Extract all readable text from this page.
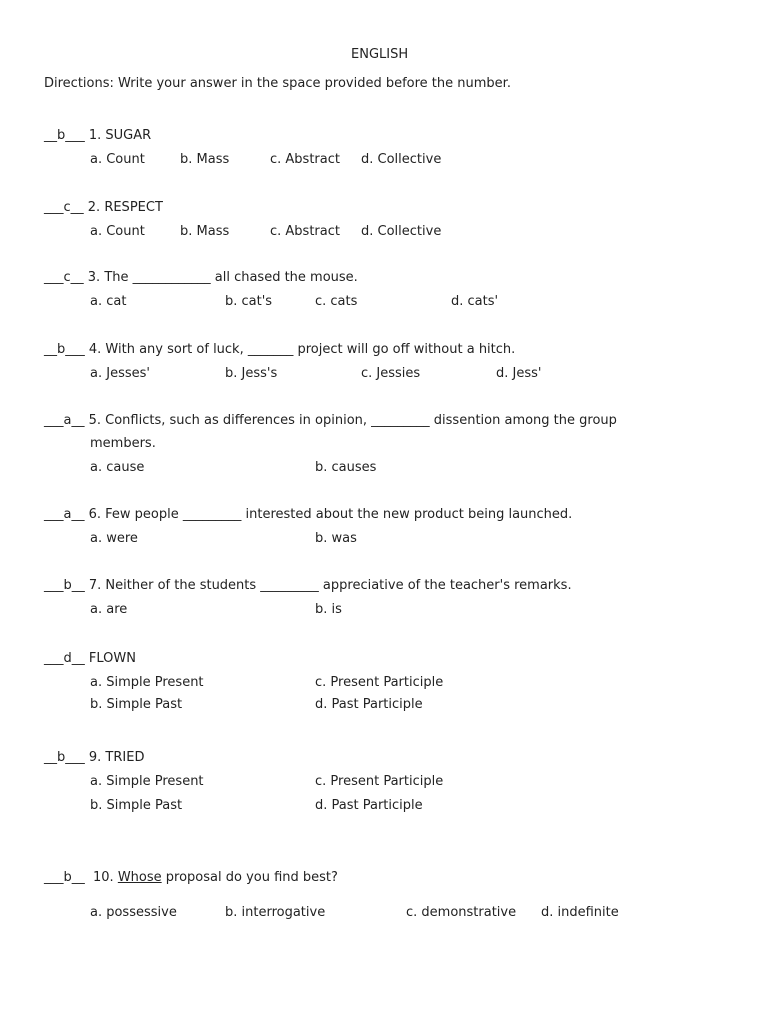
ENGLISH
Directions: Write your answer in the space provided before the number.
__b___ 1. SUGAR
a. Count	b. Mass	c. Abstract d. Collective
___c__ 2. RESPECT
a. Count	b. Mass	c. Abstract d. Collective
___c__ 3. The ____________ all chased the mouse.
a. cat	b. cat's	c. cats	d. cats'
__b___ 4. With any sort of luck, _______ project will go off without a hitch.
a. Jesses'	b. Jess's	c. Jessies	d. Jess'
___a__ 5. Conflicts, such as differences in opinion, _________ dissention among the group
members.
a. cause	b. causes
___a__ 6. Few people _________ interested about the new product being launched.
a. were	b. was
___b__ 7. Neither of the students _________ appreciative of the teacher's remarks.
a. are	b. is
___d__ FLOWN
a. Simple Present	c. Present Participle
b. Simple Past	d. Past Participle
__b___ 9. TRIED
a. Simple Present	c. Present Participle
b. Simple Past	d. Past Participle
___b__  10. Whose proposal do you find best?
a. possessive	b. interrogative	c. demonstrative d. indefinite
